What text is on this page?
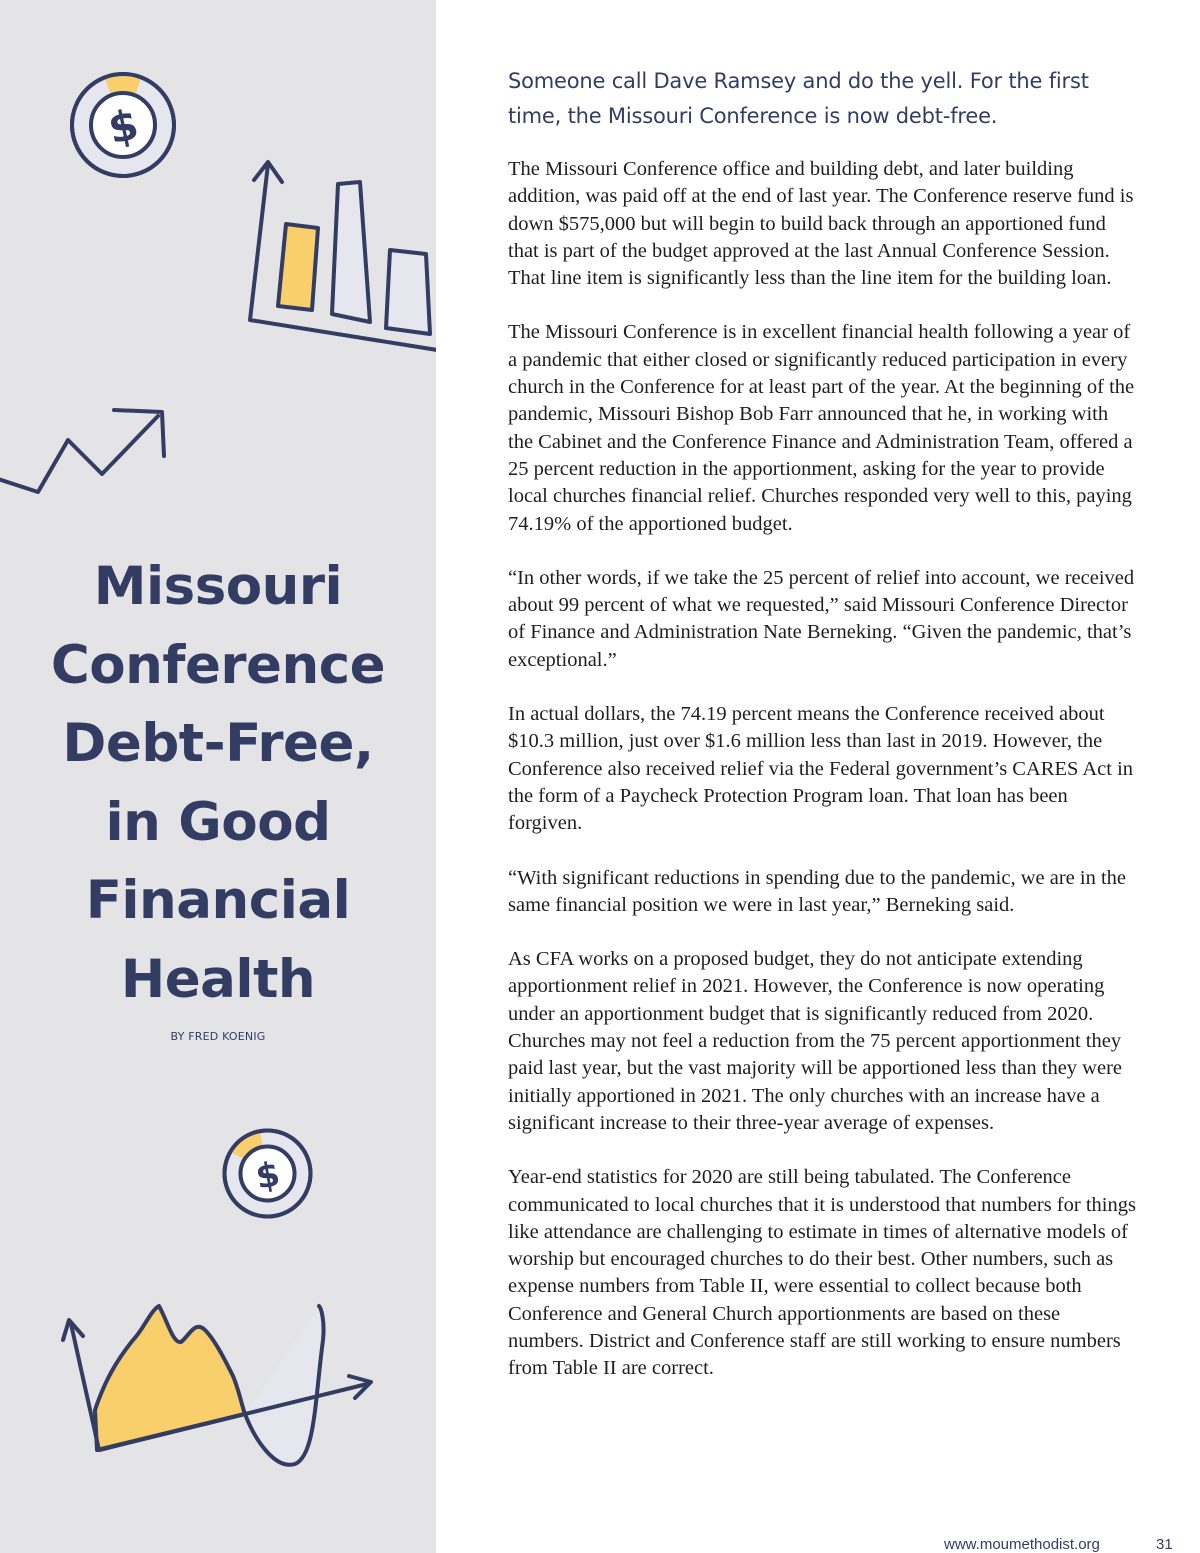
$
$
Missouri
Conference
Debt-Free,
in Good
Financial
Health
BY FRED KOENIG

Someone call Dave Ramsey and do the yell. For the first time, the Missouri Conference is now debt-free.

The Missouri Conference office and building debt, and later building addition, was paid off at the end of last year. The Conference reserve fund is down $575,000 but will begin to build back through an apportioned fund that is part of the budget approved at the last Annual Conference Session. That line item is significantly less than the line item for the building loan.

The Missouri Conference is in excellent financial health following a year of a pandemic that either closed or significantly reduced participation in every church in the Conference for at least part of the year. At the beginning of the pandemic, Missouri Bishop Bob Farr announced that he, in working with the Cabinet and the Conference Finance and Administration Team, offered a 25 percent reduction in the apportionment, asking for the year to provide local churches financial relief. Churches responded very well to this, paying 74.19% of the apportioned budget.

“In other words, if we take the 25 percent of relief into account, we received about 99 percent of what we requested,” said Missouri Conference Director of Finance and Administration Nate Berneking. “Given the pandemic, that’s exceptional.”

In actual dollars, the 74.19 percent means the Conference received about $10.3 million, just over $1.6 million less than last in 2019. However, the Conference also received relief via the Federal government’s CARES Act in the form of a Paycheck Protection Program loan. That loan has been forgiven.

“With significant reductions in spending due to the pandemic, we are in the same financial position we were in last year,” Berneking said.

As CFA works on a proposed budget, they do not anticipate extending apportionment relief in 2021. However, the Conference is now operating under an apportionment budget that is significantly reduced from 2020. Churches may not feel a reduction from the 75 percent apportionment they paid last year, but the vast majority will be apportioned less than they were initially apportioned in 2021. The only churches with an increase have a significant increase to their three-year average of expenses.

Year-end statistics for 2020 are still being tabulated. The Conference communicated to local churches that it is understood that numbers for things like attendance are challenging to estimate in times of alternative models of worship but encouraged churches to do their best. Other numbers, such as expense numbers from Table II, were essential to collect because both Conference and General Church apportionments are based on these numbers. District and Conference staff are still working to ensure numbers from Table II are correct.

www.moumethodist.org	31
